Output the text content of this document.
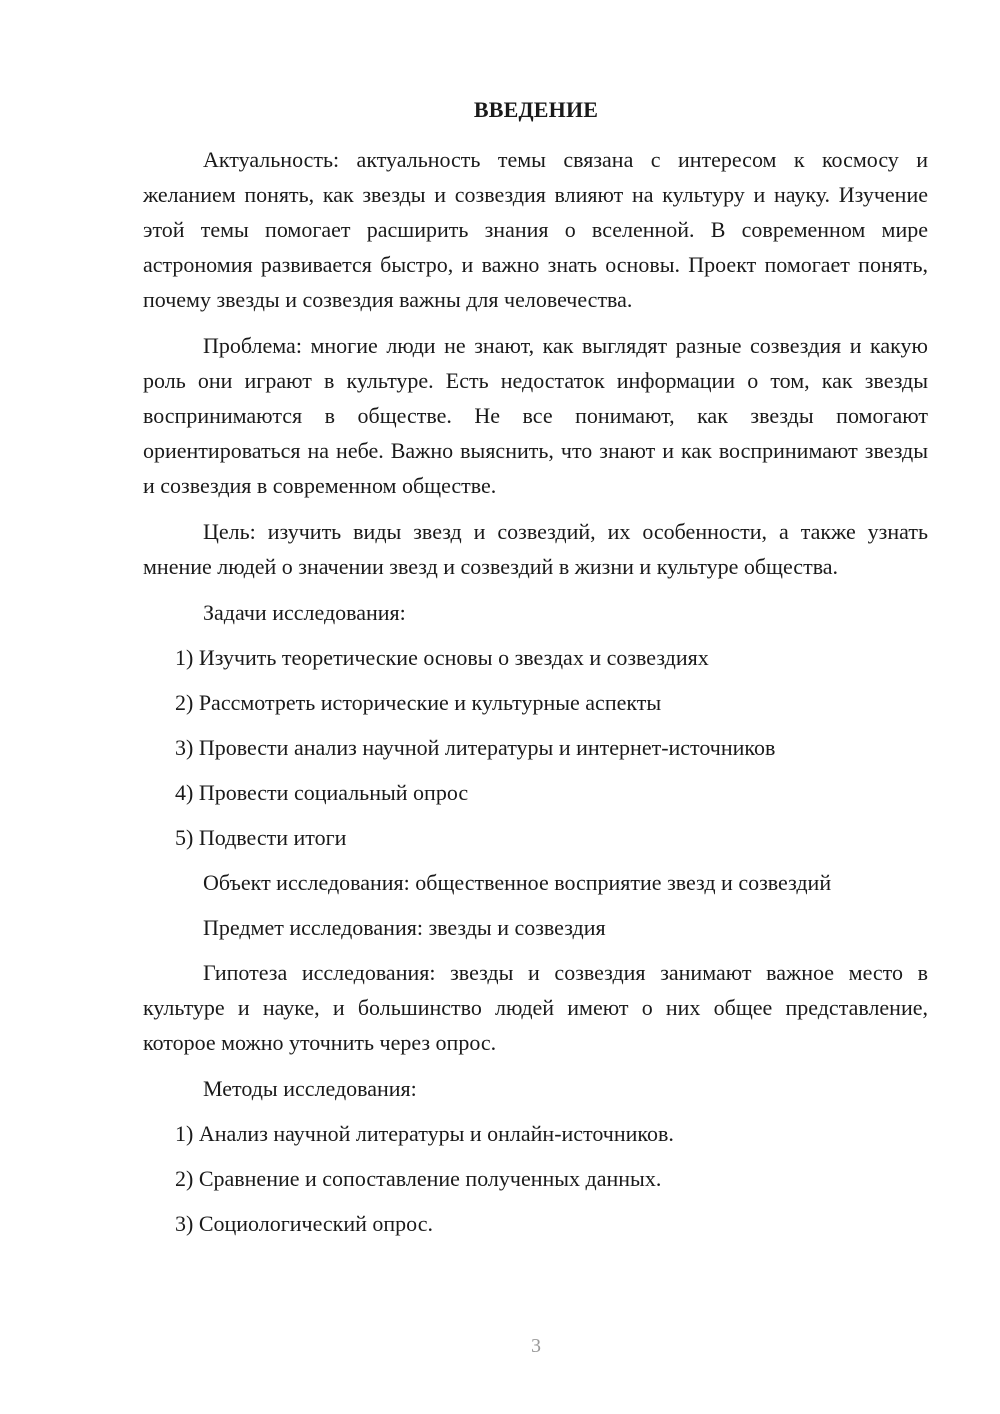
ВВЕДЕНИЕ

Актуальность: актуальность темы связана с интересом к космосу и желанием понять, как звезды и созвездия влияют на культуру и науку. Изучение этой темы помогает расширить знания о вселенной. В современном мире астрономия развивается быстро, и важно знать основы. Проект помогает понять, почему звезды и созвездия важны для человечества.

Проблема: многие люди не знают, как выглядят разные созвездия и какую роль они играют в культуре. Есть недостаток информации о том, как звезды воспринимаются в обществе. Не все понимают, как звезды помогают ориентироваться на небе. Важно выяснить, что знают и как воспринимают звезды и созвездия в современном обществе.

Цель: изучить виды звезд и созвездий, их особенности, а также узнать мнение людей о значении звезд и созвездий в жизни и культуре общества.

Задачи исследования:
1) Изучить теоретические основы о звездах и созвездиях
2) Рассмотреть исторические и культурные аспекты
3) Провести анализ научной литературы и интернет-источников
4) Провести социальный опрос
5) Подвести итоги
Объект исследования: общественное восприятие звезд и созвездий
Предмет исследования: звезды и созвездия

Гипотеза исследования: звезды и созвездия занимают важное место в культуре и науке, и большинство людей имеют о них общее представление, которое можно уточнить через опрос.

Методы исследования:
1) Анализ научной литературы и онлайн-источников.
2) Сравнение и сопоставление полученных данных.
3) Социологический опрос.
3
